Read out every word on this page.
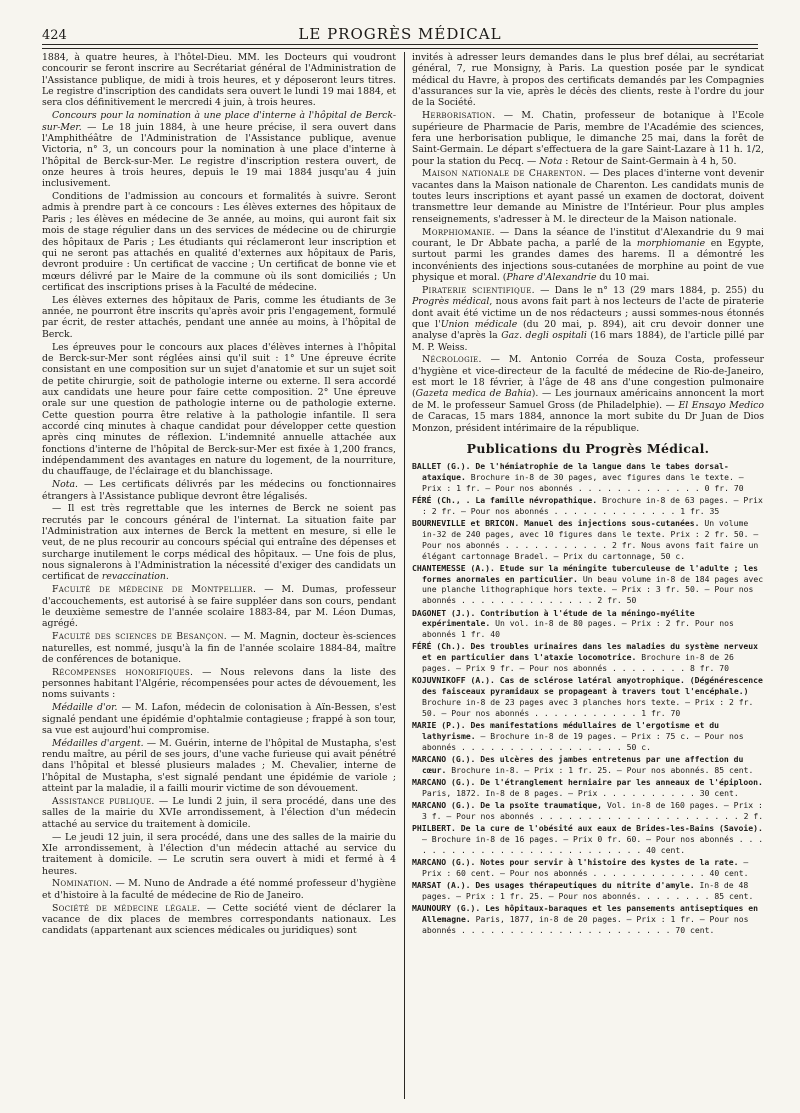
424	LE PROGRÈS MÉDICAL

1884, à quatre heures, à l'hôtel-Dieu. MM. les Docteurs qui voudront concourir se feront inscrire au Secrétariat général de l'Administration de l'Assistance publique, de midi à trois heures, et y déposeront leurs titres. Le registre d'inscription des candidats sera ouvert le lundi 19 mai 1884, et sera clos définitivement le mercredi 4 juin, à trois heures.

Concours pour la nomination à une place d'interne à l'hôpital de Berck-sur-Mer. — Le 18 juin 1884, à une heure précise, il sera ouvert dans l'Amphithéâtre de l'Administration de l'Assistance publique, avenue Victoria, n° 3, un concours pour la nomination à une place d'interne à l'hôpital de Berck-sur-Mer. Le registre d'inscription restera ouvert, de onze heures à trois heures, depuis le 19 mai 1884 jusqu'au 4 juin inclusivement.

Conditions de l'admission au concours et formalités à suivre. Seront admis à prendre part à ce concours : Les élèves externes des hôpitaux de Paris ; les élèves en médecine de 3e année, au moins, qui auront fait six mois de stage régulier dans un des services de médecine ou de chirurgie des hôpitaux de Paris ; Les étudiants qui réclameront leur inscription et qui ne seront pas attachés en qualité d'externes aux hôpitaux de Paris, devront produire : Un certificat de vaccine ; Un certificat de bonne vie et mœurs délivré par le Maire de la commune où ils sont domiciliés ; Un certificat des inscriptions prises à la Faculté de médecine.

Les élèves externes des hôpitaux de Paris, comme les étudiants de 3e année, ne pourront être inscrits qu'après avoir pris l'engagement, formulé par écrit, de rester attachés, pendant une année au moins, à l'hôpital de Berck.

Les épreuves pour le concours aux places d'élèves internes à l'hôpital de Berck-sur-Mer sont réglées ainsi qu'il suit : 1° Une épreuve écrite consistant en une composition sur un sujet d'anatomie et sur un sujet soit de petite chirurgie, soit de pathologie interne ou externe. Il sera accordé aux candidats une heure pour faire cette composition. 2° Une épreuve orale sur une question de pathologie interne ou de pathologie externe. Cette question pourra être relative à la pathologie infantile. Il sera accordé cinq minutes à chaque candidat pour développer cette question après cinq minutes de réflexion. L'indemnité annuelle attachée aux fonctions d'interne de l'hôpital de Berck-sur-Mer est fixée à 1,200 francs, indépendamment des avantages en nature du logement, de la nourriture, du chauffauge, de l'éclairage et du blanchissage.

Nota. — Les certificats délivrés par les médecins ou fonctionnaires étrangers à l'Assistance publique devront être légalisés.

— Il est très regrettable que les internes de Berck ne soient pas recrutés par le concours général de l'internat. La situation faite par l'Administration aux internes de Berck la mettent en mesure, si elle le veut, de ne plus recourir au concours spécial qui entraîne des dépenses et surcharge inutilement le corps médical des hôpitaux. — Une fois de plus, nous signalerons à l'Administration la nécessité d'exiger des candidats un certificat de revaccination.

Faculté de médecine de Montpellier. — M. Dumas, professeur d'accouchements, est autorisé à se faire suppléer dans son cours, pendant le deuxième semestre de l'année scolaire 1883-84, par M. Léon Dumas, agrégé.

Faculté des sciences de Besançon. — M. Magnin, docteur ès-sciences naturelles, est nommé, jusqu'à la fin de l'année scolaire 1884-84, maître de conférences de botanique.

Récompenses honorifiques. — Nous relevons dans la liste des personnes habitant l'Algérie, récompensées pour actes de dévouement, les noms suivants :

Médaille d'or. — M. Lafon, médecin de colonisation à Aïn-Bessen, s'est signalé pendant une épidémie d'ophtalmie contagieuse ; frappé à son tour, sa vue est aujourd'hui compromise.

Médailles d'argent. — M. Guérin, interne de l'hôpital de Mustapha, s'est rendu maître, au péril de ses jours, d'une vache furieuse qui avait pénétré dans l'hôpital et blessé plusieurs malades ; M. Chevalier, interne de l'hôpital de Mustapha, s'est signalé pendant une épidémie de variole ; atteint par la maladie, il a failli mourir victime de son dévouement.

Assistance publique. — Le lundi 2 juin, il sera procédé, dans une des salles de la mairie du XVIe arrondissement, à l'élection d'un médecin attaché au service du traitement à domicile.

— Le jeudi 12 juin, il sera procédé, dans une des salles de la mairie du XIe arrondissement, à l'élection d'un médecin attaché au service du traitement à domicile. — Le scrutin sera ouvert à midi et fermé à 4 heures.

Nomination. — M. Nuno de Andrade a été nommé professeur d'hygiène et d'histoire à la faculté de médecine de Rio de Janeiro.

Société de médecine légale. — Cette société vient de déclarer la vacance de dix places de membres correspondants nationaux. Les candidats (appartenant aux sciences médicales ou juridiques) sont

invités à adresser leurs demandes dans le plus bref délai, au secrétariat général, 7, rue Monsigny, à Paris. La question posée par le syndicat médical du Havre, à propos des certificats demandés par les Compagnies d'assurances sur la vie, après le décès des clients, reste à l'ordre du jour de la Société.

Herborisation. — M. Chatin, professeur de botanique à l'Ecole supérieure de Pharmacie de Paris, membre de l'Académie des sciences, fera une herborisation publique, le dimanche 25 mai, dans la forêt de Saint-Germain. Le départ s'effectuera de la gare Saint-Lazare à 11 h. 1/2, pour la station du Pecq. — Nota : Retour de Saint-Germain à 4 h, 50.

Maison nationale de Charenton. — Des places d'interne vont devenir vacantes dans la Maison nationale de Charenton. Les candidats munis de toutes leurs inscriptions et ayant passé un examen de doctorat, doivent transmettre leur demande au Ministre de l'Intérieur. Pour plus amples renseignements, s'adresser à M. le directeur de la Maison nationale.

Morphiomanie. — Dans la séance de l'institut d'Alexandrie du 9 mai courant, le Dr Abbate pacha, a parlé de la morphiomanie en Egypte, surtout parmi les grandes dames des harems. Il a démontré les inconvénients des injections sous-cutanées de morphine au point de vue physique et moral. (Phare d'Alexandrie du 10 mai.

Piraterie scientifique. — Dans le n° 13 (29 mars 1884, p. 255) du Progrès médical, nous avons fait part à nos lecteurs de l'acte de piraterie dont avait été victime un de nos rédacteurs ; aussi sommes-nous étonnés que l'Union médicale (du 20 mai, p. 894), ait cru devoir donner une analyse d'après la Gaz. degli ospitali (16 mars 1884), de l'article pillé par M. P. Weiss.

Nécrologie. — M. Antonio Corréa de Souza Costa, professeur d'hygiène et vice-directeur de la faculté de médecine de Rio-de-Janeiro, est mort le 18 février, à l'âge de 48 ans d'une congestion pulmonaire (Gazeta medica de Bahia). — Les journaux américains annoncent la mort de M. le professeur Samuel Gross (de Philadelphie). — El Ensayo Medico de Caracas, 15 mars 1884, annonce la mort subite du Dr Juan de Dios Monzon, président intérimaire de la république.

Publications du Progrès Médical.
BALLET (G.). De l'hémiatrophie de la langue dans le tabes dorsal-ataxique. Brochure in-8 de 30 pages, avec figures dans le texte. — Prix : 1 fr. — Pour nos abonnés . . . . . . . . . . . . . 0 fr. 70
FÉRÉ (Ch., . La famille névropathique. Brochure in-8 de 63 pages. — Prix : 2 fr. — Pour nos abonnés . . . . . . . . . . . . . 1 fr. 35
BOURNEVILLE et BRICON. Manuel des injections sous-cutanées. Un volume in-32 de 240 pages, avec 10 figures dans le texte. Prix : 2 fr. 50. — Pour nos abonnés . . . . . . . . . . . 2 fr. Nous avons fait faire un élégant cartonnage Bradel. — Prix du cartonnage, 50 c.
CHANTEMESSE (A.). Etude sur la méningite tuberculeuse de l'adulte ; les formes anormales en particulier. Un beau volume in-8 de 184 pages avec une planche lithographique hors texte. — Prix : 3 fr. 50. — Pour nos abonnés . . . . . . . . . . . . . . 2 fr. 50
DAGONET (J.). Contribution à l'étude de la méningo-myélite expérimentale. Un vol. in-8 de 80 pages. — Prix : 2 fr. Pour nos abonnés 1 fr. 40
FÉRÉ (Ch.). Des troubles urinaires dans les maladies du système nerveux et en particulier dans l'ataxie locomotrice. Brochure in-8 de 26 pages. — Prix 9 fr. — Pour nos abonnés . . . . . . . . 8 fr. 70
KOJUVNIKOFF (A.). Cas de sclérose latéral amyotrophique. (Dégénérescence des faisceaux pyramidaux se propageant à travers tout l'encéphale.) Brochure in-8 de 23 pages avec 3 planches hors texte. — Prix : 2 fr. 50. — Pour nos abonnés . . . . . . . . . . . 1 fr. 70
MARIE (P.). Des manifestations médullaires de l'ergotisme et du lathyrisme. — Brochure in-8 de 19 pages. — Prix : 75 c. — Pour nos abonnés . . . . . . . . . . . . . . . . . 50 c.
MARCANO (G.). Des ulcères des jambes entretenus par une affection du cœur. Brochure in-8. — Prix : 1 fr. 25. — Pour nos abonnés. 85 cent.
MARCANO (G.). De l'étranglement herniaire par les anneaux de l'épiploon. Paris, 1872. In-8 de 8 pages. — Prix . . . . . . . . . . 30 cent.
MARCANO (G.). De la psoïte traumatique, Vol. in-8 de 160 pages. — Prix : 3 f. — Pour nos abonnés . . . . . . . . . . . . . . . . . . . . . 2 f.
PHILBERT. De la cure de l'obésité aux eaux de Brides-les-Bains (Savoie). — Brochure in-8 de 16 pages. — Prix 0 fr. 60. — Pour nos abonnés . . . . . . . . . . . . . . . . . . . . . . . . . . 40 cent.
MARCANO (G.). Notes pour servir à l'histoire des kystes de la rate. — Prix : 60 cent. — Pour nos abonnés . . . . . . . . . . . . 40 cent.
MARSAT (A.). Des usages thérapeutiques du nitrite d'amyle. In-8 de 48 pages. — Prix : 1 fr. 25. — Pour nos abonnés. . . . . . . . 85 cent.
MAUNOURY (G.). Les hôpitaux-baraques et les pansements antiseptiques en Allemagne. Paris, 1877, in-8 de 20 pages. — Prix : 1 fr. — Pour nos abonnés . . . . . . . . . . . . . . . . . . . . . . 70 cent.
